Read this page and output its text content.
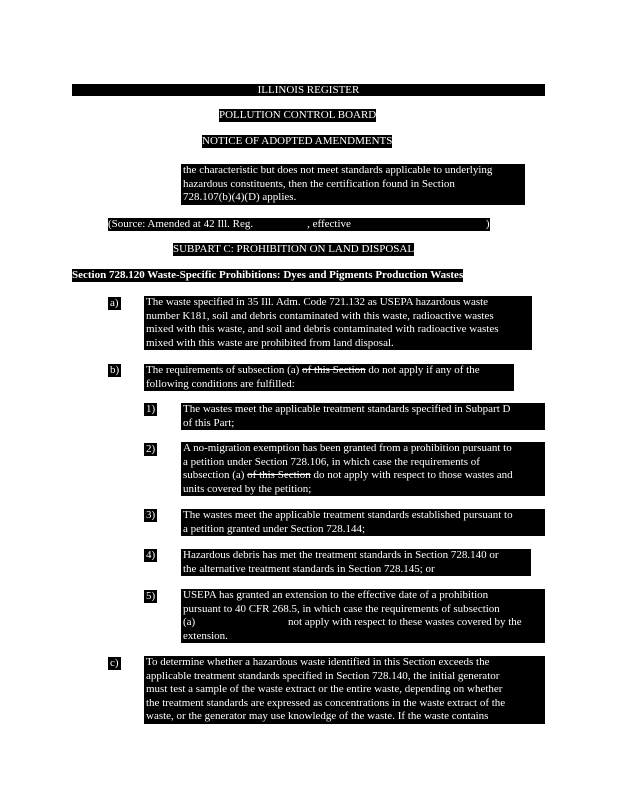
ILLINOIS REGISTER
POLLUTION CONTROL BOARD
NOTICE OF ADOPTED AMENDMENTS
the characteristic but does not meet standards applicable to underlying
hazardous constituents, then the certification found in Section
728.107(b)(4)(D) applies.
(Source: Amended at 42 Ill. Reg.	, effective	)
SUBPART C: PROHIBITION ON LAND DISPOSAL
Section 728.120 Waste-Specific Prohibitions: Dyes and Pigments Production Wastes
a) The waste specified in 35 Ill. Adm. Code 721.132 as USEPA hazardous waste
number K181, soil and debris contaminated with this waste, radioactive wastes
mixed with this waste, and soil and debris contaminated with radioactive wastes
mixed with this waste are prohibited from land disposal.
b) The requirements of subsection (a) of this Section do not apply if any of the
following conditions are fulfilled:
1)	The wastes meet the applicable treatment standards specified in Subpart D
of this Part;
2)	A no-migration exemption has been granted from a prohibition pursuant to
a petition under Section 728.106, in which case the requirements of
subsection (a) of this Section do not apply with respect to those wastes and
units covered by the petition;
3)	The wastes meet the applicable treatment standards established pursuant to
a petition granted under Section 728.144;
4)	Hazardous debris has met the treatment standards in Section 728.140 or
the alternative treatment standards in Section 728.145; or
5)	USEPA has granted an extension to the effective date of a prohibition
pursuant to 40 CFR 268.5, in which case the requirements of subsection
(a)	not apply with respect to these wastes covered by the
extension.
c) To determine whether a hazardous waste identified in this Section exceeds the
applicable treatment standards specified in Section 728.140, the initial generator
must test a sample of the waste extract or the entire waste, depending on whether
the treatment standards are expressed as concentrations in the waste extract of the
waste, or the generator may use knowledge of the waste. If the waste contains
